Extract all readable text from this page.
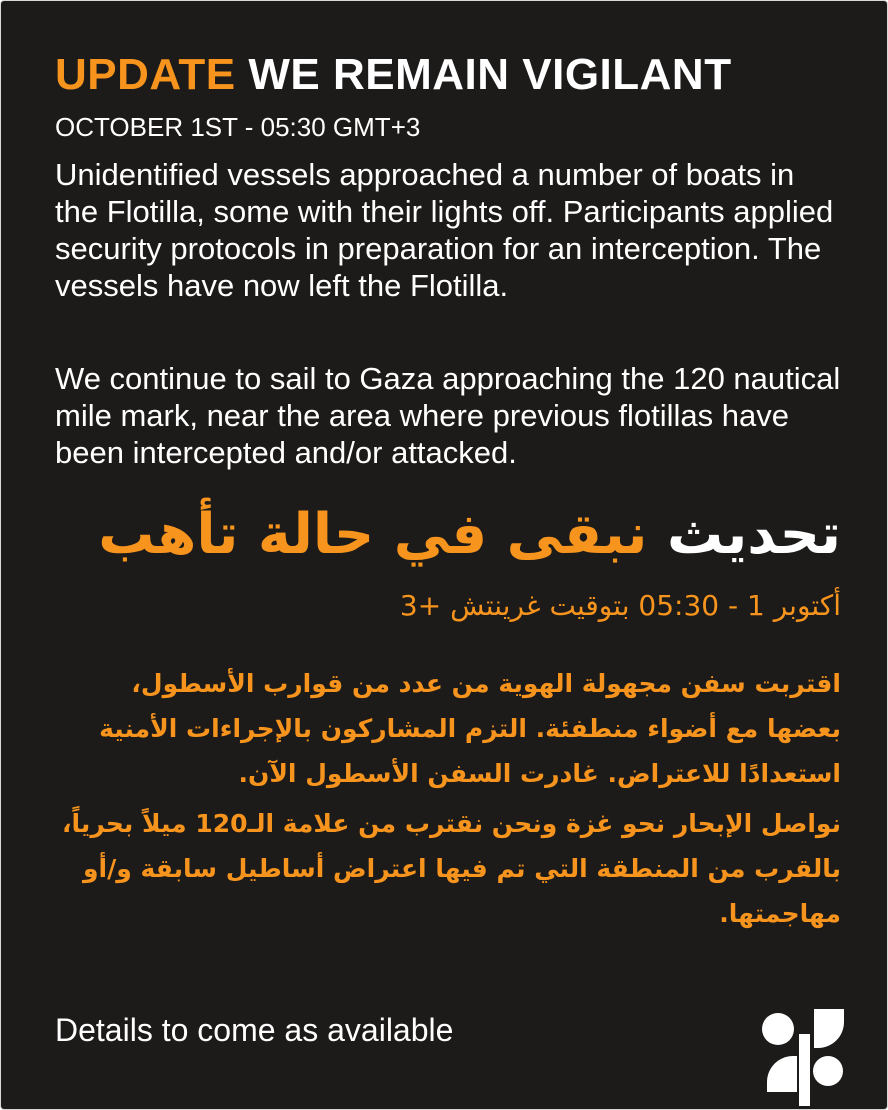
UPDATE WE REMAIN VIGILANT
OCTOBER 1ST - 05:30 GMT+3
Unidentified vessels approached a number of boats in the Flotilla, some with their lights off. Participants applied security protocols in preparation for an interception. The vessels have now left the Flotilla.
We continue to sail to Gaza approaching the 120 nautical mile mark, near the area where previous flotillas have been intercepted and/or attacked.
تحديث نبقى في حالة تأهب
أكتوبر 1 - 05:30 بتوقيت غرينتش +3
اقتربت سفن مجهولة الهوية من عدد من قوارب الأسطول، بعضها مع أضواء منطفئة. التزم المشاركون بالإجراءات الأمنية استعدادًا للاعتراض. غادرت السفن الأسطول الآن.
نواصل الإبحار نحو غزة ونحن نقترب من علامة الـ120 ميلاً بحرياً، بالقرب من المنطقة التي تم فيها اعتراض أساطيل سابقة و/أو مهاجمتها.
Details to come as available
